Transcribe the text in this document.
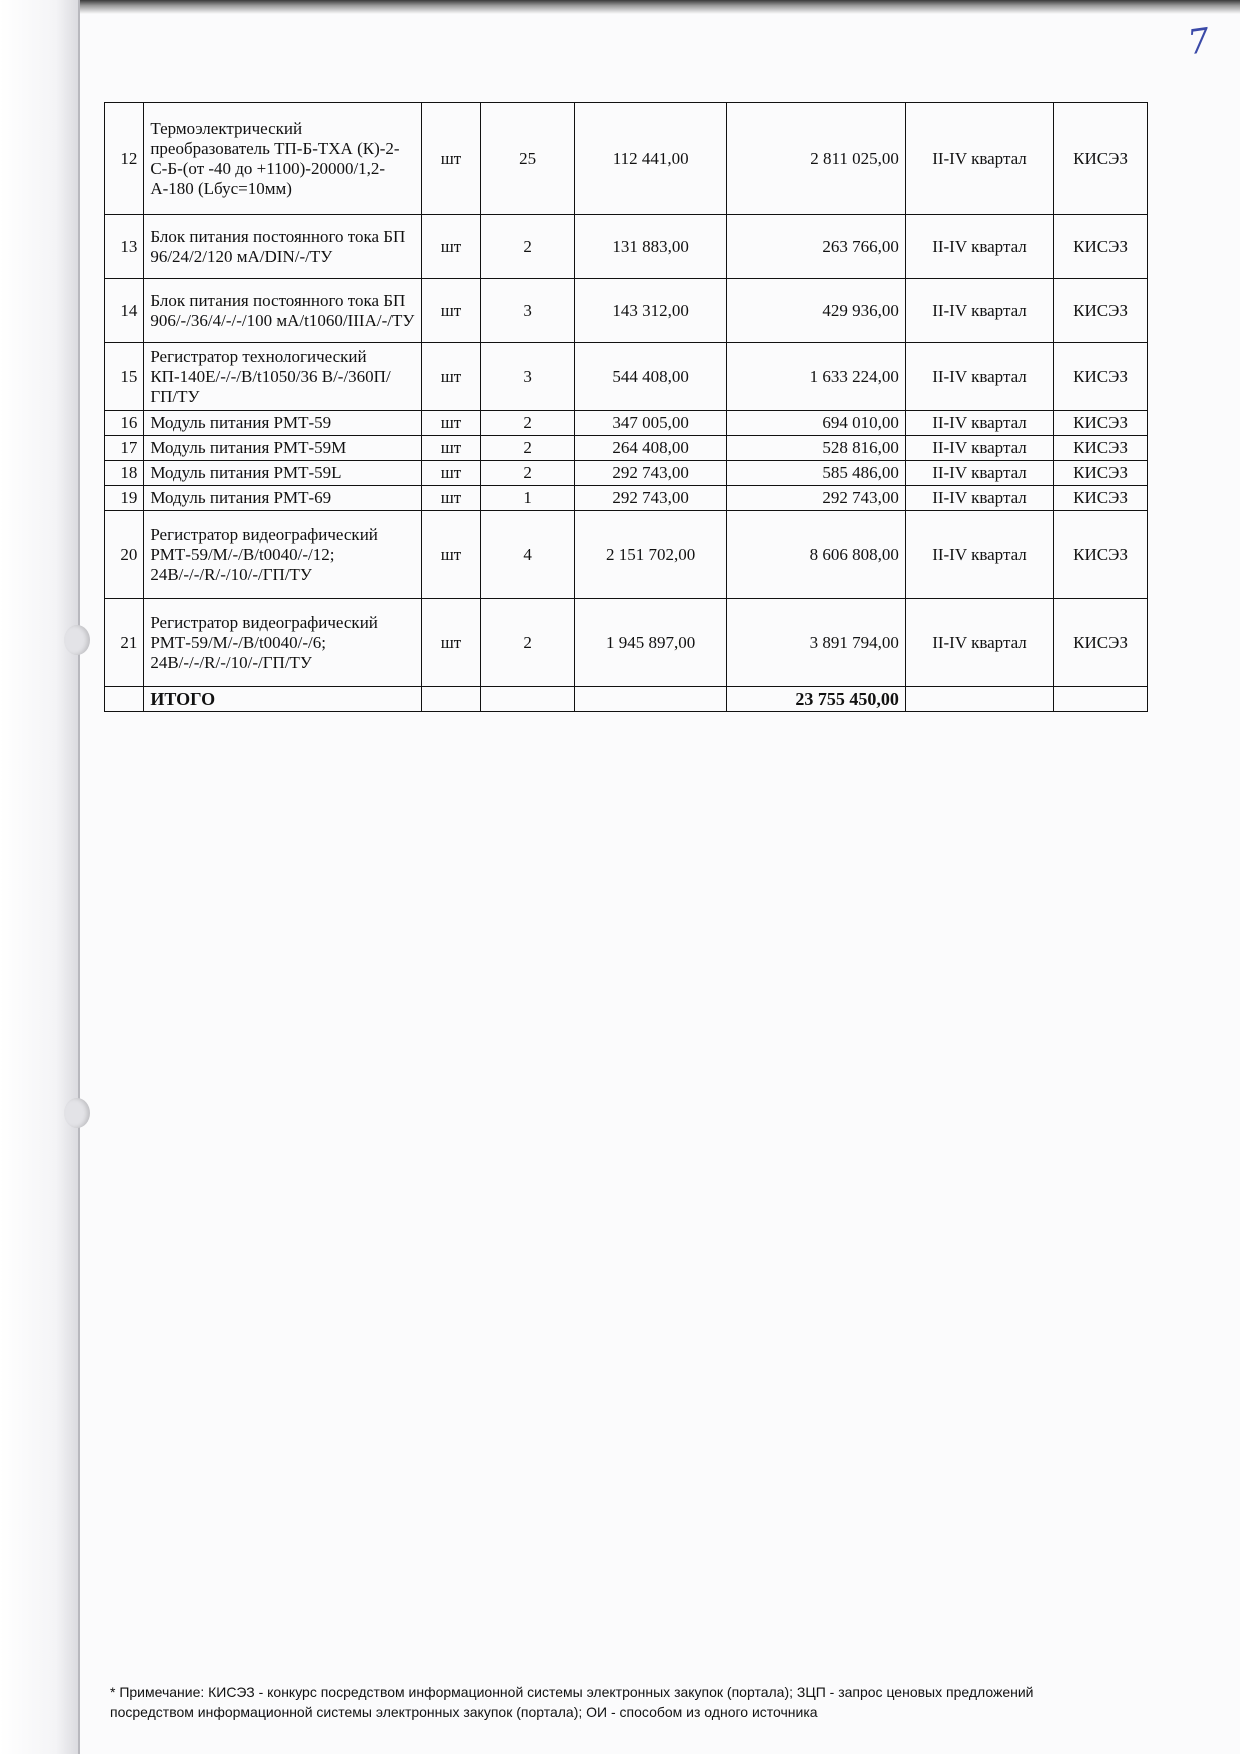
7
12	Термоэлектрический преобразователь ТП-Б-ТХА (К)-2-С-Б-(от -40 до +1100)-20000/1,2-А-180 (Lбус=10мм)	шт	25	112 441,00	2 811 025,00	II-IV квартал	КИСЭЗ
13	Блок питания постоянного тока БП 96/24/2/120 мА/DIN/-/ТУ	шт	2	131 883,00	263 766,00	II-IV квартал	КИСЭЗ
14	Блок питания постоянного тока БП 906/-/36/4/-/-/100 мА/t1060/IIIA/-/ТУ	шт	3	143 312,00	429 936,00	II-IV квартал	КИСЭЗ
15	Регистратор технологический КП-140Е/-/-/В/t1050/36 В/-/360П/ГП/ТУ	шт	3	544 408,00	1 633 224,00	II-IV квартал	КИСЭЗ
16	Модуль питания РМТ-59	шт	2	347 005,00	694 010,00	II-IV квартал	КИСЭЗ
17	Модуль питания РМТ-59М	шт	2	264 408,00	528 816,00	II-IV квартал	КИСЭЗ
18	Модуль питания РМТ-59L	шт	2	292 743,00	585 486,00	II-IV квартал	КИСЭЗ
19	Модуль питания РМТ-69	шт	1	292 743,00	292 743,00	II-IV квартал	КИСЭЗ
20	Регистратор видеографический РМТ-59/М/-/В/t0040/-/12; 24В/-/-/R/-/10/-/ГП/ТУ	шт	4	2 151 702,00	8 606 808,00	II-IV квартал	КИСЭЗ
21	Регистратор видеографический РМТ-59/М/-/В/t0040/-/6; 24В/-/-/R/-/10/-/ГП/ТУ	шт	2	1 945 897,00	3 891 794,00	II-IV квартал	КИСЭЗ
	ИТОГО				23 755 450,00		
* Примечание: КИСЭЗ - конкурс посредством информационной системы электронных закупок (портала); ЗЦП - запрос ценовых предложений посредством информационной системы электронных закупок (портала); ОИ - способом из одного источника
